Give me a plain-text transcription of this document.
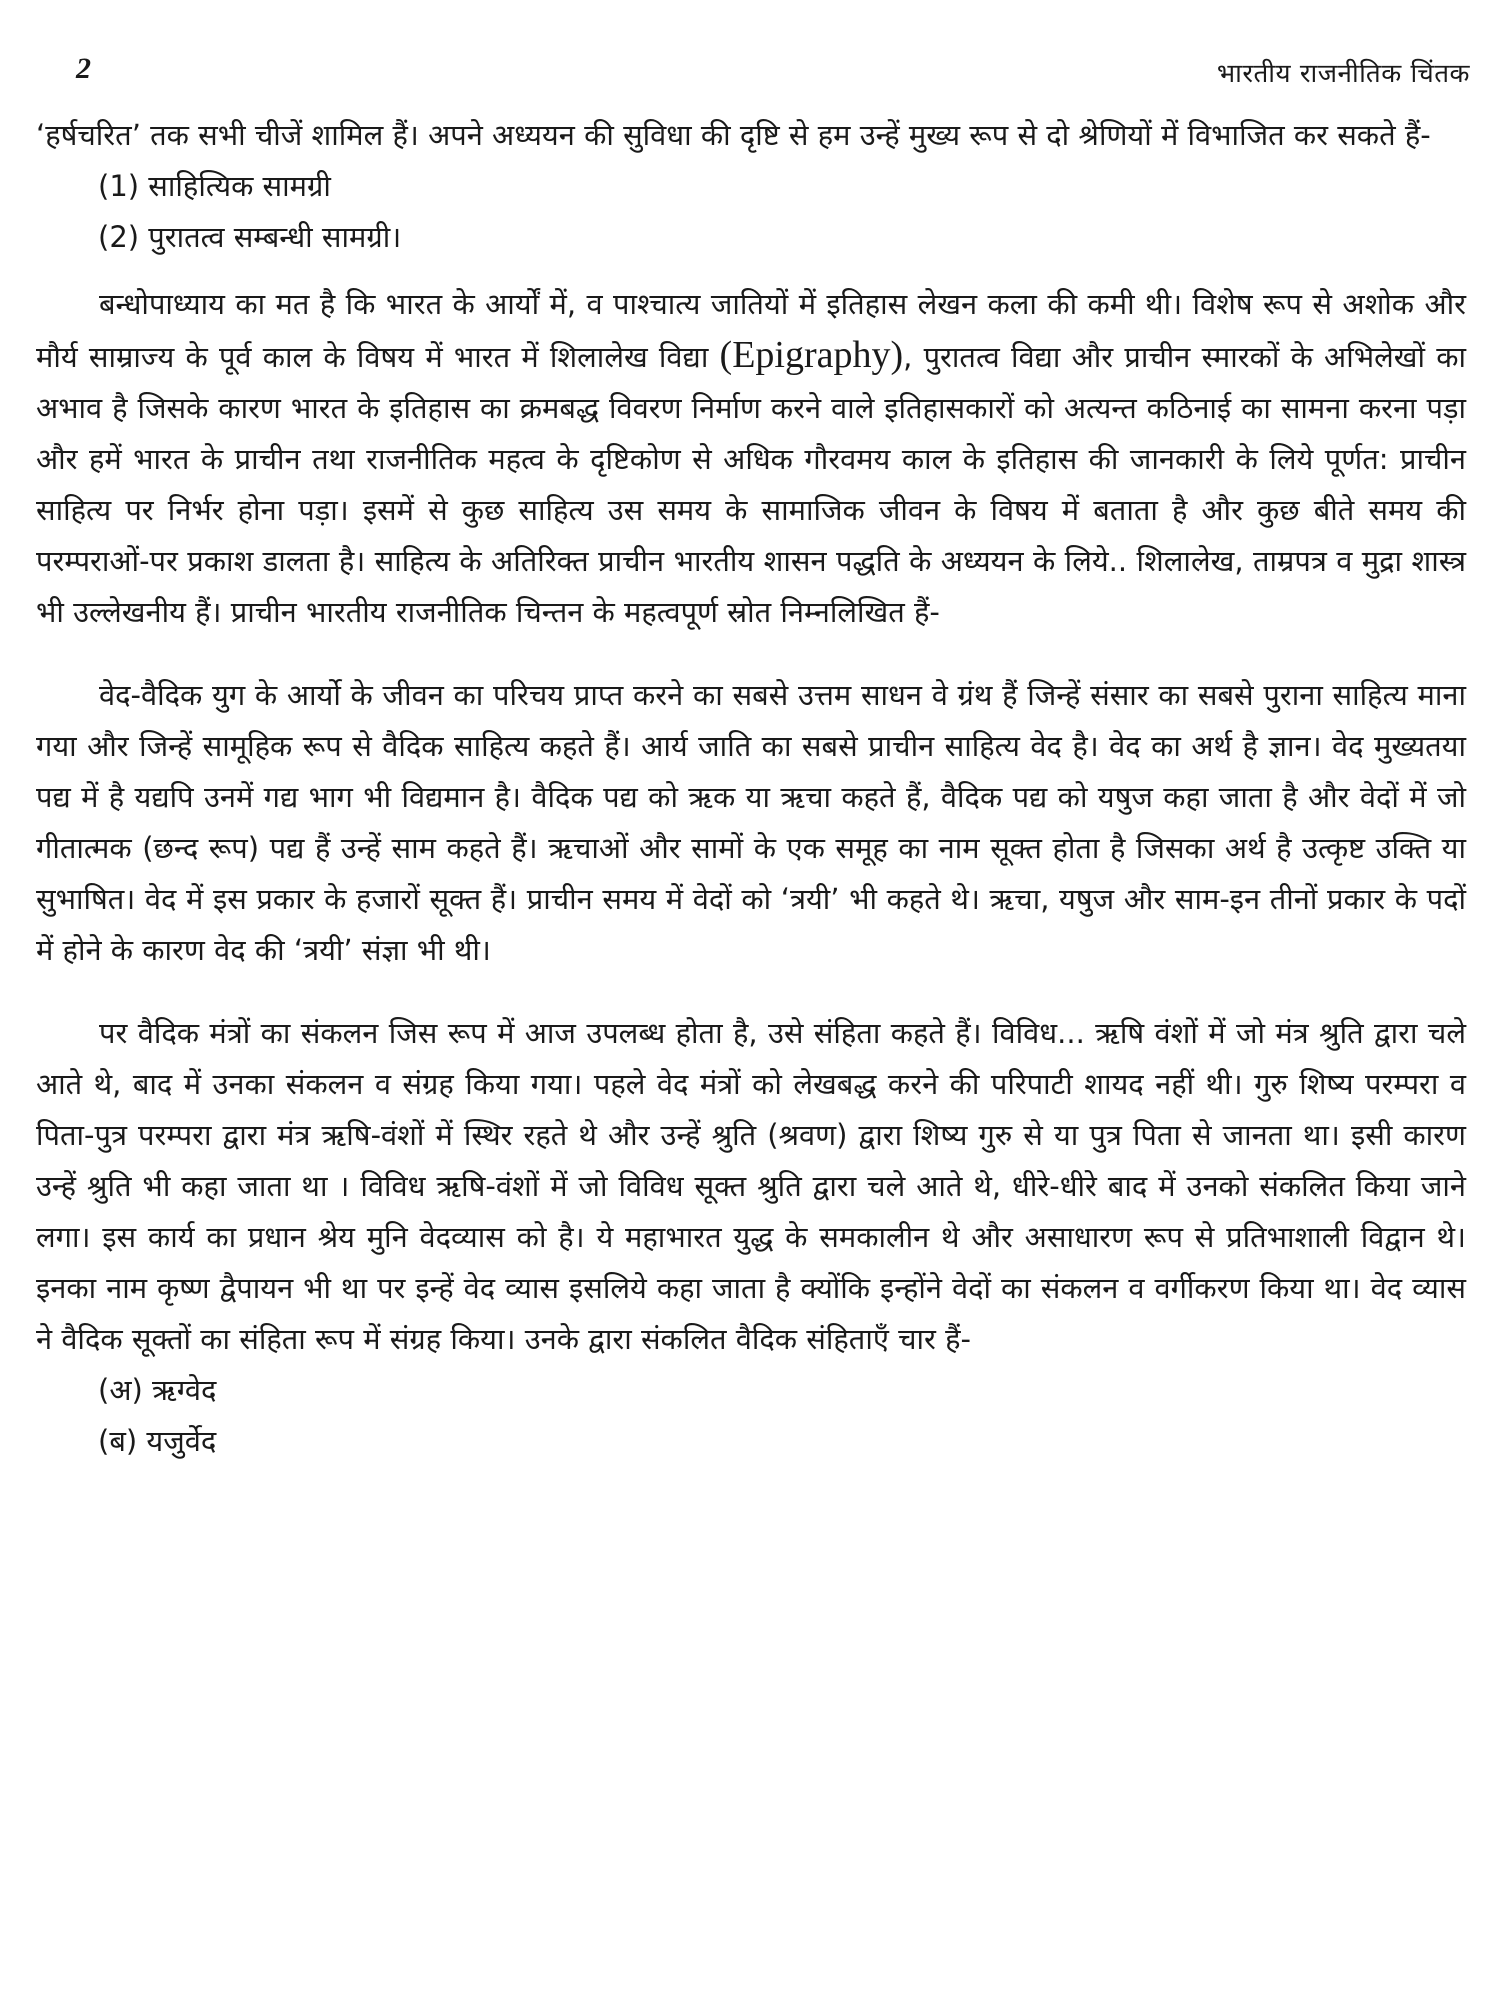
2	भारतीय राजनीतिक चिंतक

‘हर्षचरित’ तक सभी चीजें शामिल हैं। अपने अध्ययन की सुविधा की दृष्टि से हम उन्हें मुख्य रूप से दो श्रेणियों में विभाजित कर सकते हैं-

(1) साहित्यिक सामग्री

(2) पुरातत्व सम्बन्धी सामग्री।

बन्धोपाध्याय का मत है कि भारत के आर्यों में, व पाश्चात्य जातियों में इतिहास लेखन कला की कमी थी। विशेष रूप से अशोक और मौर्य साम्राज्य के पूर्व काल के विषय में भारत में शिलालेख विद्या (Epigraphy), पुरातत्व विद्या और प्राचीन स्मारकों के अभिलेखों का अभाव है जिसके कारण भारत के इतिहास का क्रमबद्ध विवरण निर्माण करने वाले इतिहासकारों को अत्यन्त कठिनाई का सामना करना पड़ा और हमें भारत के प्राचीन तथा राजनीतिक महत्व के दृष्टिकोण से अधिक गौरवमय काल के इतिहास की जानकारी के लिये पूर्णत: प्राचीन साहित्य पर निर्भर होना पड़ा। इसमें से कुछ साहित्य उस समय के सामाजिक जीवन के विषय में बताता है और कुछ बीते समय की परम्पराओं-पर प्रकाश डालता है। साहित्य के अतिरिक्त प्राचीन भारतीय शासन पद्धति के अध्ययन के लिये.. शिलालेख, ताम्रपत्र व मुद्रा शास्त्र भी उल्लेखनीय हैं। प्राचीन भारतीय राजनीतिक चिन्तन के महत्वपूर्ण स्रोत निम्नलिखित हैं-

वेद-वैदिक युग के आर्यो के जीवन का परिचय प्राप्त करने का सबसे उत्तम साधन वे ग्रंथ हैं जिन्हें संसार का सबसे पुराना साहित्य माना गया और जिन्हें सामूहिक रूप से वैदिक साहित्य कहते हैं। आर्य जाति का सबसे प्राचीन साहित्य वेद है। वेद का अर्थ है ज्ञान। वेद मुख्यतया पद्य में है यद्यपि उनमें गद्य भाग भी विद्यमान है। वैदिक पद्य को ऋक या ऋचा कहते हैं, वैदिक पद्य को यषुज कहा जाता है और वेदों में जो गीतात्मक (छन्द रूप) पद्य हैं उन्हें साम कहते हैं। ऋचाओं और सामों के एक समूह का नाम सूक्त होता है जिसका अर्थ है उत्कृष्ट उक्ति या सुभाषित। वेद में इस प्रकार के हजारों सूक्त हैं। प्राचीन समय में वेदों को ‘त्रयी’ भी कहते थे। ऋचा, यषुज और साम-इन तीनों प्रकार के पदों में होने के कारण वेद की ‘त्रयी’ संज्ञा भी थी।

पर वैदिक मंत्रों का संकलन जिस रूप में आज उपलब्ध होता है, उसे संहिता कहते हैं। विविध... ऋषि वंशों में जो मंत्र श्रुति द्वारा चले आते थे, बाद में उनका संकलन व संग्रह किया गया। पहले वेद मंत्रों को लेखबद्ध करने की परिपाटी शायद नहीं थी। गुरु शिष्य परम्परा व पिता-पुत्र परम्परा द्वारा मंत्र ऋषि-वंशों में स्थिर रहते थे और उन्हें श्रुति (श्रवण) द्वारा शिष्य गुरु से या पुत्र पिता से जानता था। इसी कारण उन्हें श्रुति भी कहा जाता था । विविध ऋषि-वंशों में जो विविध सूक्त श्रुति द्वारा चले आते थे, धीरे-धीरे बाद में उनको संकलित किया जाने लगा। इस कार्य का प्रधान श्रेय मुनि वेदव्यास को है। ये महाभारत युद्ध के समकालीन थे और असाधारण रूप से प्रतिभाशाली विद्वान थे। इनका नाम कृष्ण द्वैपायन भी था पर इन्हें वेद व्यास इसलिये कहा जाता है क्योंकि इन्होंने वेदों का संकलन व वर्गीकरण किया था। वेद व्यास ने वैदिक सूक्तों का संहिता रूप में संग्रह किया। उनके द्वारा संकलित वैदिक संहिताएँ चार हैं-

(अ) ऋग्वेद

(ब) यजुर्वेद
